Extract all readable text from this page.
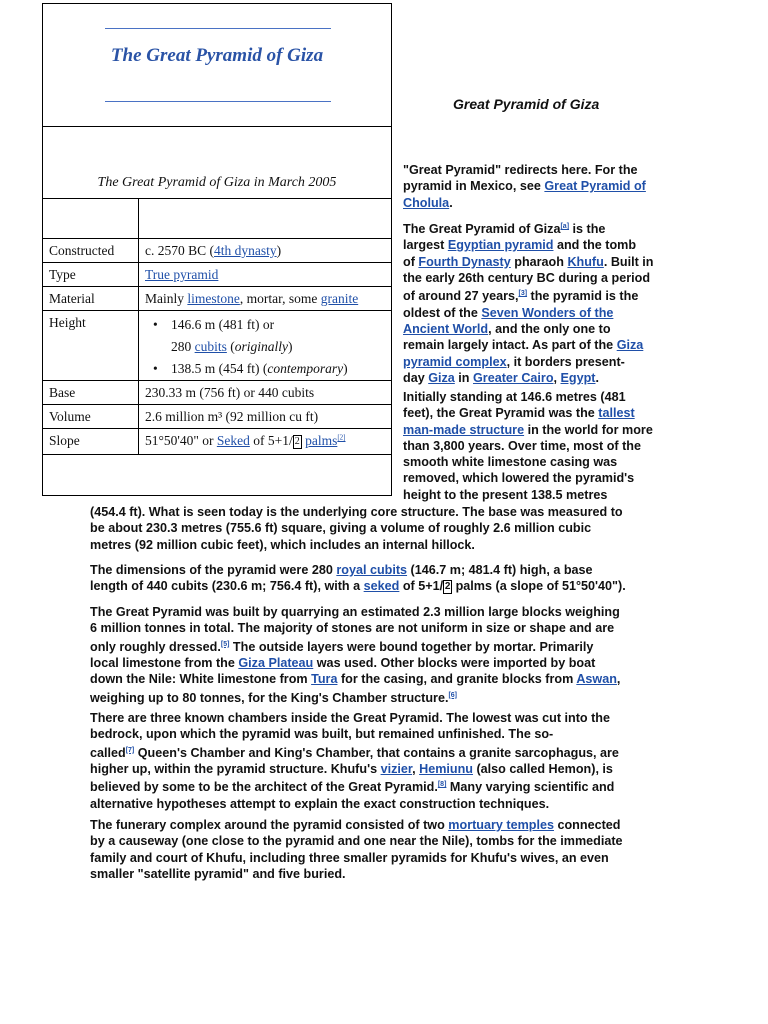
The Great Pyramid of Giza
The Great Pyramid of Giza in March 2005
Constructed c. 2570 BC (4th dynasty)
Type	True pyramid
Material	Mainly limestone, mortar, some granite
Height
•	146.6 m (481 ft) or
280 cubits (originally)
• 138.5 m (454 ft) (contemporary)
Base	230.33 m (756 ft) or 440 cubits
Volume	2.6 million m³ (92 million cu ft)
Slope	51°50'40" or Seked of 5+1/ 2 palms[2]
Great Pyramid of Giza
"Great Pyramid" redirects here. For the
pyramid in Mexico, see Great Pyramid of
Cholula.
The Great Pyramid of Giza[a] is the
largest Egyptian pyramid and the tomb
of Fourth Dynasty pharaoh Khufu. Built in
the early 26th century BC during a period
of around 27 years,[3] the pyramid is the
oldest of the Seven Wonders of the
Ancient World, and the only one to
remain largely intact. As part of the Giza
pyramid complex, it borders present-
day Giza in Greater Cairo, Egypt.
Initially standing at 146.6 metres (481
feet), the Great Pyramid was the tallest
man-made structure in the world for more
than 3,800 years. Over time, most of the
smooth white limestone casing was
removed, which lowered the pyramid's
height to the present 138.5 metres
(454.4 ft). What is seen today is the underlying core structure. The base was measured to
be about 230.3 metres (755.6 ft) square, giving a volume of roughly 2.6 million cubic
metres (92 million cubic feet), which includes an internal hillock.
The dimensions of the pyramid were 280 royal cubits (146.7 m; 481.4 ft) high, a base
length of 440 cubits (230.6 m; 756.4 ft), with a seked of 5+1/ 2 palms (a slope of 51°50'40").
The Great Pyramid was built by quarrying an estimated 2.3 million large blocks weighing
6 million tonnes in total. The majority of stones are not uniform in size or shape and are
only roughly dressed.[5] The outside layers were bound together by mortar. Primarily
local limestone from the Giza Plateau was used. Other blocks were imported by boat
down the Nile: White limestone from Tura for the casing, and granite blocks from Aswan,
weighing up to 80 tonnes, for the King's Chamber structure.[6]
There are three known chambers inside the Great Pyramid. The lowest was cut into the
bedrock, upon which the pyramid was built, but remained unfinished. The so-
called[7] Queen's Chamber and King's Chamber, that contains a granite sarcophagus, are
higher up, within the pyramid structure. Khufu's vizier, Hemiunu (also called Hemon), is
believed by some to be the architect of the Great Pyramid.[8] Many varying scientific and
alternative hypotheses attempt to explain the exact construction techniques.
The funerary complex around the pyramid consisted of two mortuary temples connected
by a causeway (one close to the pyramid and one near the Nile), tombs for the immediate
family and court of Khufu, including three smaller pyramids for Khufu's wives, an even
smaller "satellite pyramid" and five buried.
